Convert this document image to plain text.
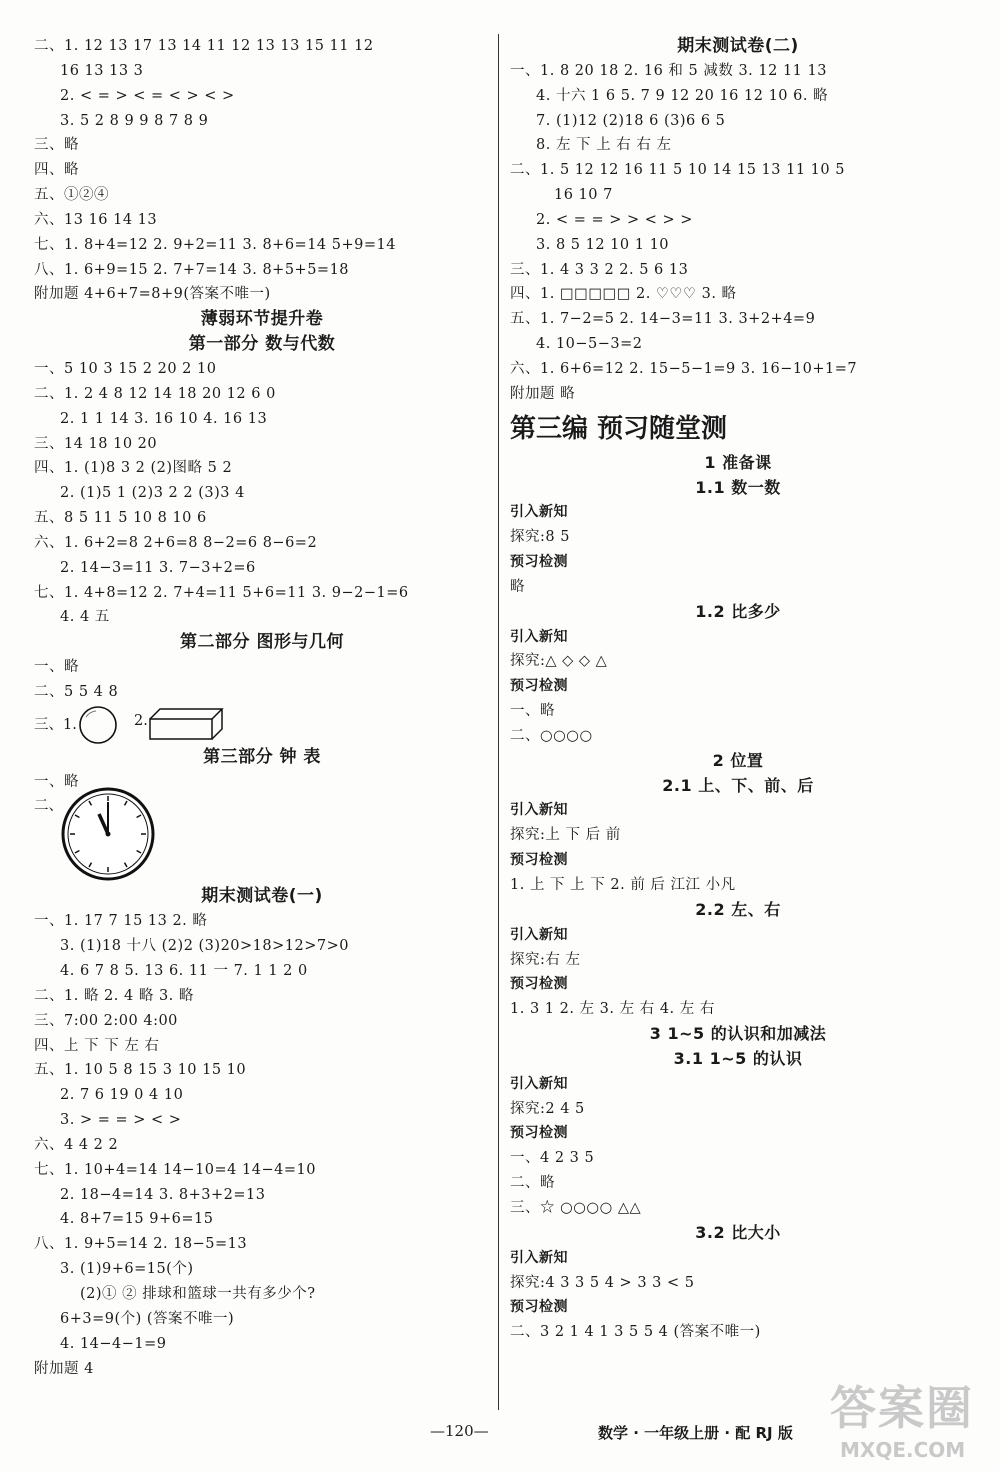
二、1. 12 13 17 13 14 11 12 13 13 15 11 12
16 13 13 3
2. < = > < = < > < >
3. 5 2 8 9 9 8 7 8 9
三、略
四、略
五、①②④
六、13 16 14 13
七、1. 8+4=12 2. 9+2=11 3. 8+6=14 5+9=14
八、1. 6+9=15 2. 7+7=14 3. 8+5+5=18
附加题 4+6+7=8+9(答案不唯一)
薄弱环节提升卷
第一部分 数与代数
一、5 10 3 15 2 20 2 10
二、1. 2 4 8 12 14 18 20 12 6 0
2. 1 1 14 3. 16 10 4. 16 13
三、14 18 10 20
四、1. (1)8 3 2 (2)图略 5 2
2. (1)5 1 (2)3 2 2 (3)3 4
五、8 5 11 5 10 8 10 6
六、1. 6+2=8 2+6=8 8−2=6 8−6=2
2. 14−3=11 3. 7−3+2=6
七、1. 4+8=12 2. 7+4=11 5+6=11 3. 9−2−1=6
4. 4 五
第二部分 图形与几何
一、略
二、5 5 4 8
三、1.	2.
第三部分 钟 表
一、略
二、
期末测试卷(一)
一、1. 17 7 15 13 2. 略
3. (1)18 十八 (2)2 (3)20>18>12>7>0
4. 6 7 8 5. 13 6. 11 一 7. 1 1 2 0
二、1. 略 2. 4 略 3. 略
三、7:00 2:00 4:00
四、上 下 下 左 右
五、1. 10 5 8 15 3 10 15 10
2. 7 6 19 0 4 10
3. > = = > < >
六、4 4 2 2
七、1. 10+4=14 14−10=4 14−4=10
2. 18−4=14 3. 8+3+2=13
4. 8+7=15 9+6=15
八、1. 9+5=14 2. 18−5=13
3. (1)9+6=15(个)
(2)① ② 排球和篮球一共有多少个?
6+3=9(个) (答案不唯一)
4. 14−4−1=9
附加题 4
期末测试卷(二)
一、1. 8 20 18 2. 16 和 5 减数 3. 12 11 13
4. 十六 1 6 5. 7 9 12 20 16 12 10 6. 略
7. (1)12 (2)18 6 (3)6 6 5
8. 左 下 上 右 右 左
二、1. 5 12 12 16 11 5 10 14 15 13 11 10 5
16 10 7
2. < = = > > < > >
3. 8 5 12 10 1 10
三、1. 4 3 3 2 2. 5 6 13
四、1. □□□□□ 2. ♡♡♡ 3. 略
五、1. 7−2=5 2. 14−3=11 3. 3+2+4=9
4. 10−5−3=2
六、1. 6+6=12 2. 15−5−1=9 3. 16−10+1=7
附加题 略
第三编 预习随堂测
1 准备课
1.1 数一数
引入新知
探究:8 5
预习检测
略
1.2 比多少
引入新知
探究:△ ◇ ◇ △
预习检测
一、略
二、○○○○
2 位置
2.1 上、下、前、后
引入新知
探究:上 下 后 前
预习检测
1. 上 下 上 下 2. 前 后 江江 小凡
2.2 左、右
引入新知
探究:右 左
预习检测
1. 3 1 2. 左 3. 左 右 4. 左 右
3 1~5 的认识和加减法
3.1 1~5 的认识
引入新知
探究:2 4 5
预习检测
一、4 2 3 5
二、略
三、☆ ○○○○ △△
3.2 比大小
引入新知
探究:4 3 3 5 4 > 3 3 < 5
预习检测
二、3 2 1 4 1 3 5 5 4 (答案不唯一)
—120—	数学 · 一年级上册 · 配 RJ 版 答案圈
MXQE.COM
